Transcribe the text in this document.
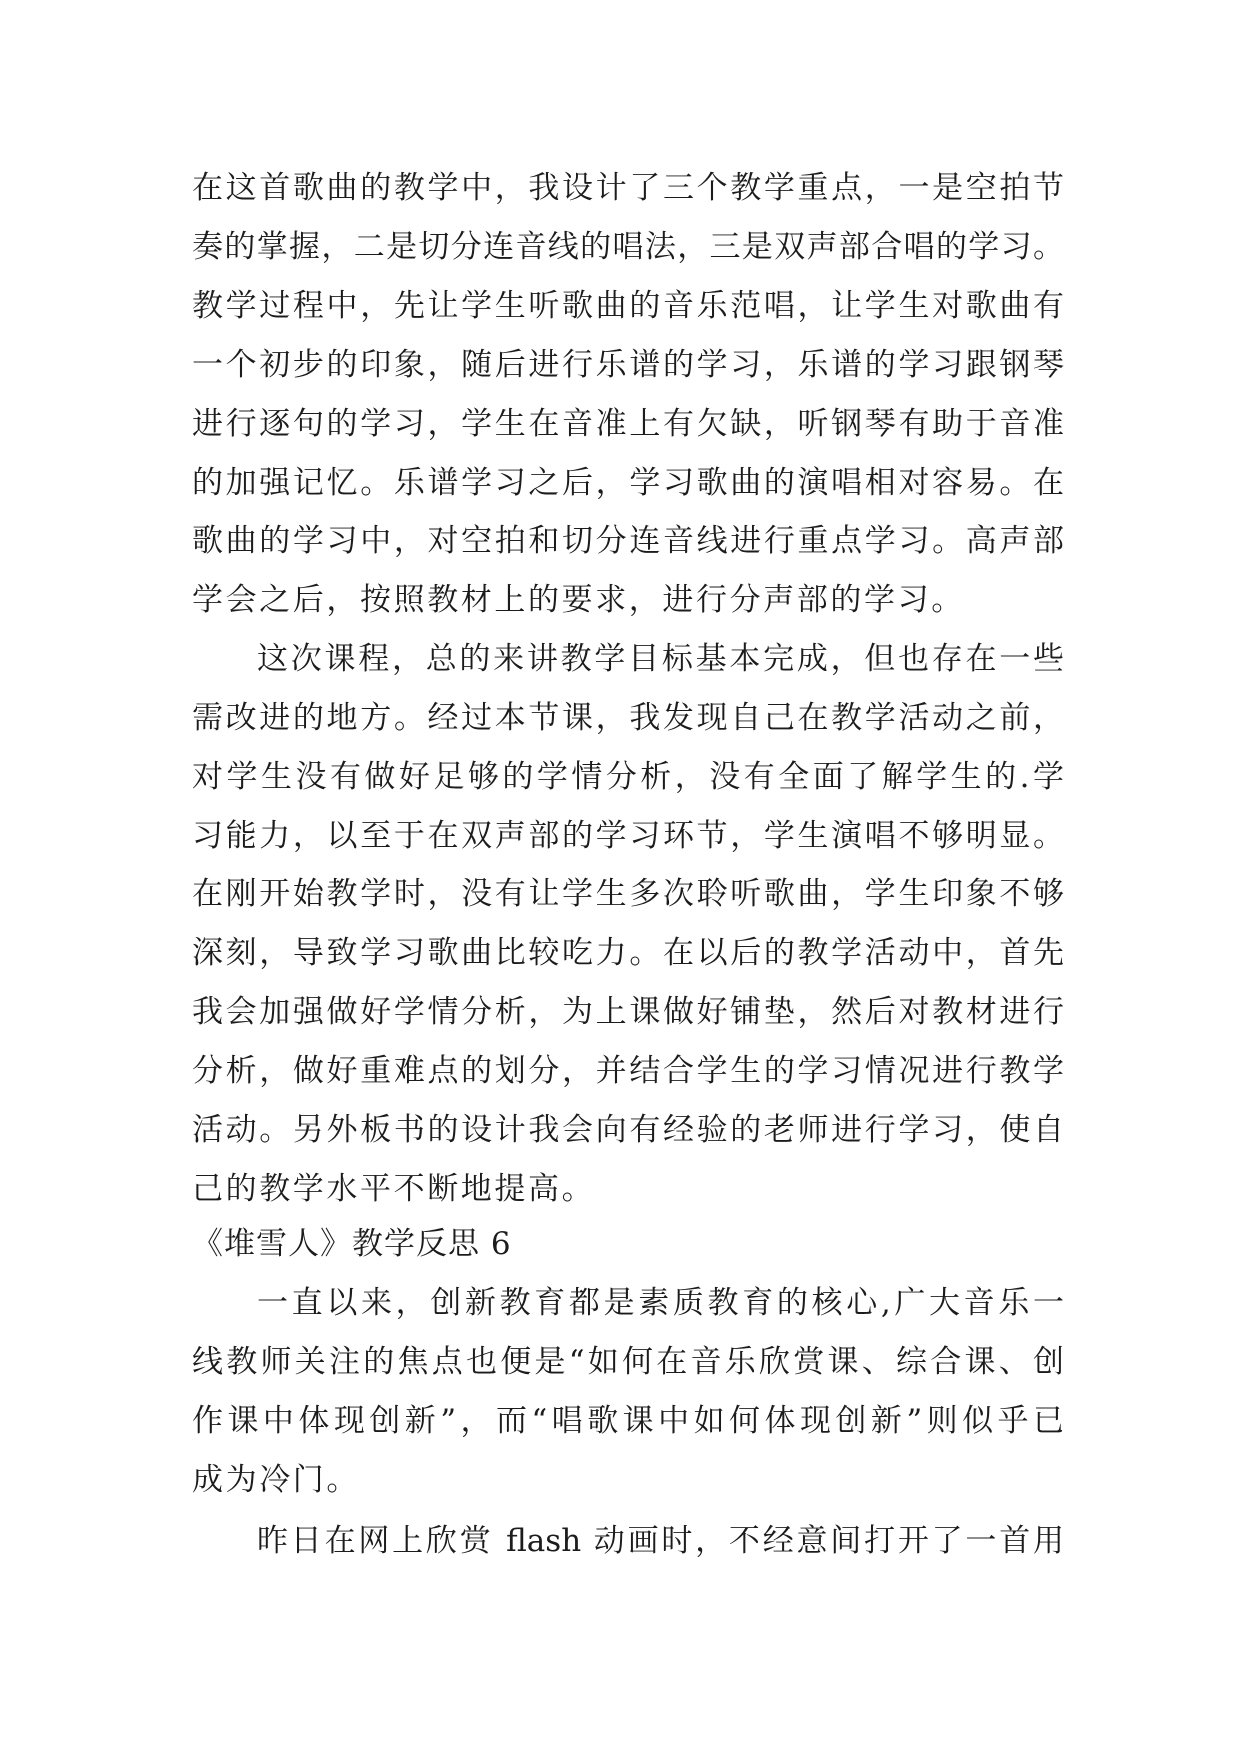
在这首歌曲的教学中，我设计了三个教学重点，一是空拍节

奏的掌握，二是切分连音线的唱法，三是双声部合唱的学习。

教学过程中，先让学生听歌曲的音乐范唱，让学生对歌曲有

一个初步的印象，随后进行乐谱的学习，乐谱的学习跟钢琴

进行逐句的学习，学生在音准上有欠缺，听钢琴有助于音准

的加强记忆。乐谱学习之后，学习歌曲的演唱相对容易。在

歌曲的学习中，对空拍和切分连音线进行重点学习。高声部

学会之后，按照教材上的要求，进行分声部的学习。

这次课程，总的来讲教学目标基本完成，但也存在一些

需改进的地方。经过本节课，我发现自己在教学活动之前，

对学生没有做好足够的学情分析，没有全面了解学生的.学

习能力，以至于在双声部的学习环节，学生演唱不够明显。

在刚开始教学时，没有让学生多次聆听歌曲，学生印象不够

深刻，导致学习歌曲比较吃力。在以后的教学活动中，首先

我会加强做好学情分析，为上课做好铺垫，然后对教材进行

分析，做好重难点的划分，并结合学生的学习情况进行教学

活动。另外板书的设计我会向有经验的老师进行学习，使自

己的教学水平不断地提高。

《堆雪人》教学反思 6

一直以来，创新教育都是素质教育的核心,广大音乐一

线教师关注的焦点也便是“如何在音乐欣赏课、综合课、创

作课中体现创新”，而“唱歌课中如何体现创新”则似乎已

成为冷门。

昨日在网上欣赏 flash 动画时，不经意间打开了一首用
